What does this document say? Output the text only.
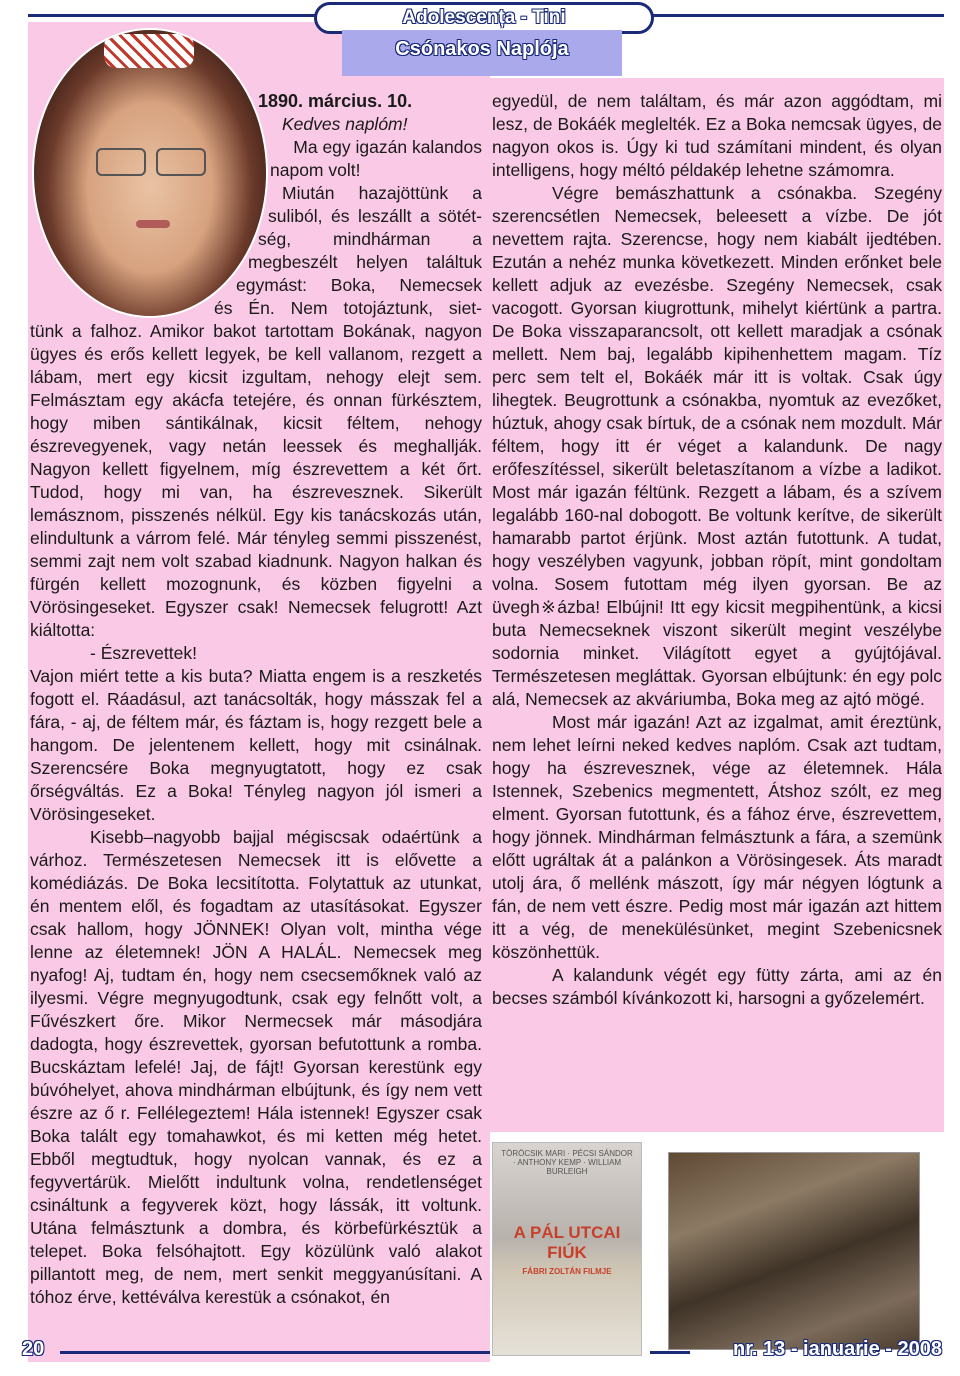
Adolescența - Tini
Csónakos Naplója
1890. március. 10.
Kedves naplóm!
Ma egy igazán kalandos
napom volt!
Miután hazajöttünk a
suliból, és leszállt a sötét-
ség, mindhárman a
megbeszélt helyen találtuk
egymást: Boka, Nemecsek
és Én. Nem totojáztunk, siet-

tünk a falhoz. Amikor bakot tartottam Bokának, nagyon ügyes és erős kellett legyek, be kell vallanom, rezgett a lábam, mert egy kicsit izgultam, nehogy elejt sem. Felmásztam egy akácfa tetejére, és onnan fürkésztem, hogy miben sántikálnak, kicsit féltem, nehogy észrevegyenek, vagy netán leessek és meghallják. Nagyon kellett figyelnem, míg észrevettem a két őrt. Tudod, hogy mi van, ha észrevesznek. Sikerült lemásznom, pisszenés nélkül. Egy kis tanácskozás után, elindultunk a várrom felé. Már tényleg semmi pisszenést, semmi zajt nem volt szabad kiadnunk. Nagyon halkan és fürgén kellett mozognunk, és közben figyelni a Vörösingeseket. Egyszer csak! Nemecsek felugrott! Azt kiáltotta:

- Észrevettek!

Vajon miért tette a kis buta? Miatta engem is a reszketés fogott el. Ráadásul, azt tanácsolták, hogy másszak fel a fára, - aj, de féltem már, és fáztam is, hogy rezgett bele a hangom. De jelentenem kellett, hogy mit csinálnak. Szerencsére Boka megnyugtatott, hogy ez csak őrségváltás. Ez a Boka! Tényleg nagyon jól ismeri a Vörösingeseket.

Kisebb–nagyobb bajjal mégiscsak odaértünk a várhoz. Természetesen Nemecsek itt is elővette a komédiázás. De Boka lecsitította. Folytattuk az utunkat, én mentem elől, és fogadtam az utasításokat. Egyszer csak hallom, hogy JÖNNEK! Olyan volt, mintha vége lenne az életemnek! JÖN A HALÁL. Nemecsek meg nyafog! Aj, tudtam én, hogy nem csecsemőknek való az ilyesmi. Végre megnyugodtunk, csak egy felnőtt volt, a Fűvészkert őre. Mikor Nermecsek már másodjára dadogta, hogy észrevettek, gyorsan befutottunk a romba. Bucskáztam lefelé! Jaj, de fájt! Gyorsan kerestünk egy búvóhelyet, ahova mindhárman elbújtunk, és így nem vett észre az ő r. Fellélegeztem! Hála istennek! Egyszer csak Boka talált egy tomahawkot, és mi ketten még hetet. Ebből megtudtuk, hogy nyolcan vannak, és ez a fegyvertárük. Mielőtt indultunk volna, rendetlenséget csináltunk a fegyverek közt, hogy lássák, itt voltunk. Utána felmásztunk a dombra, és körbefürkésztük a telepet. Boka felsóhajtott. Egy közülünk való alakot pillantott meg, de nem, mert senkit meggyanúsítani. A tóhoz érve, kettéválva kerestük a csónakot, én

egyedül, de nem találtam, és már azon aggódtam, mi lesz, de Bokáék meglelték. Ez a Boka nemcsak ügyes, de nagyon okos is. Úgy ki tud számítani mindent, és olyan intelligens, hogy méltó példakép lehetne számomra.

Végre bemászhattunk a csónakba. Szegény szerencsétlen Nemecsek, beleesett a vízbe. De jót nevettem rajta. Szerencse, hogy nem kiabált ijedtében. Ezután a nehéz munka következett. Minden erőnket bele kellett adjuk az evezésbe. Szegény Nemecsek, csak vacogott. Gyorsan kiugrottunk, mihelyt kiértünk a partra. De Boka visszaparancsolt, ott kellett maradjak a csónak mellett. Nem baj, legalább kipihenhettem magam. Tíz perc sem telt el, Bokáék már itt is voltak. Csak úgy lihegtek. Beugrottunk a csónakba, nyomtuk az evezőket, húztuk, ahogy csak bírtuk, de a csónak nem mozdult. Már féltem, hogy itt ér véget a kalandunk. De nagy erőfeszítéssel, sikerült beletaszítanom a vízbe a ladikot. Most már igazán féltünk. Rezgett a lábam, és a szívem legalább 160-nal dobogott. Be voltunk kerítve, de sikerült hamarabb partot érjünk. Most aztán futottunk. A tudat, hogy veszélyben vagyunk, jobban röpít, mint gondoltam volna. Sosem futottam még ilyen gyorsan. Be az üvegh※ázba! Elbújni! Itt egy kicsit megpihentünk, a kicsi buta Nemecseknek viszont sikerült megint veszélybe sodornia minket. Világított egyet a gyújtójával. Természetesen megláttak. Gyorsan elbújtunk: én egy polc alá, Nemecsek az akváriumba, Boka meg az ajtó mögé.

Most már igazán! Azt az izgalmat, amit éreztünk, nem lehet leírni neked kedves naplóm. Csak azt tudtam, hogy ha észrevesznek, vége az életemnek. Hála Istennek, Szebenics megmentett, Átshoz szólt, ez meg elment. Gyorsan futottunk, és a fához érve, észrevettem, hogy jönnek. Mindhárman felmásztunk a fára, a szemünk előtt ugráltak át a palánkon a Vörösingesek. Áts maradt utolj ára, ő mellénk mászott, így már négyen lógtunk a fán, de nem vett észre. Pedig most már igazán azt hittem itt a vég, de menekülésünket, megint Szebenicsnek köszönhettük.

A kalandunk végét egy fütty zárta, ami az én becses számból kívánkozott ki, harsogni a győzelemért.

TÖRÖCSIK MARI · PÉCSI SÁNDOR · ANTHONY KEMP · WILLIAM BURLEIGH
A PÁL UTCAI FIÚK
FÁBRI ZOLTÁN FILMJE
20	nr. 13 - ianuarie - 2008
